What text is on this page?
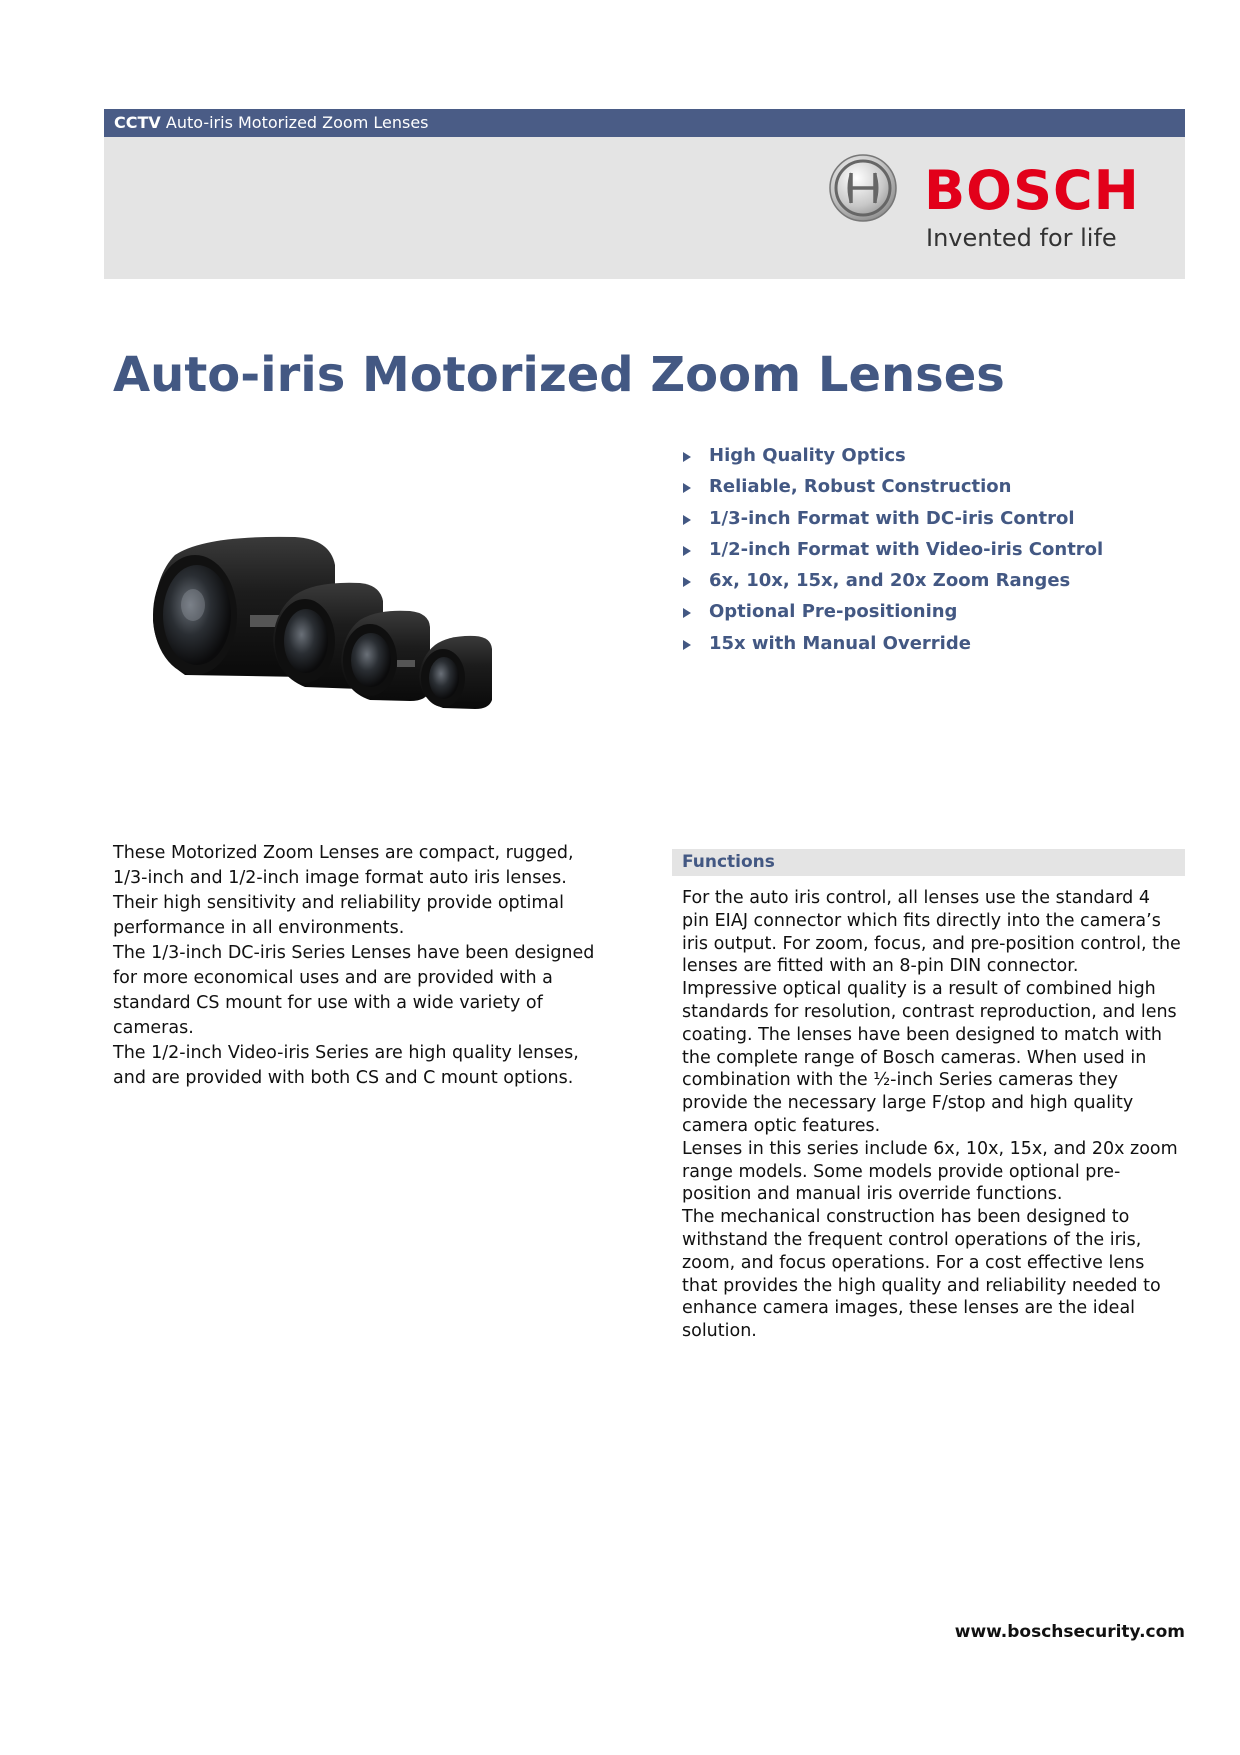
CCTV Auto-iris Motorized Zoom Lenses
BOSCH
Invented for life
Auto-iris Motorized Zoom Lenses
High Quality Optics
Reliable, Robust Construction
1/3-inch Format with DC-iris Control
1/2-inch Format with Video-iris Control
6x, 10x, 15x, and 20x Zoom Ranges
Optional Pre-positioning
15x with Manual Override

These Motorized Zoom Lenses are compact, rugged, 1/3-inch and 1/2-inch image format auto iris lenses. Their high sensitivity and reliability provide optimal performance in all environments.

The 1/3-inch DC-iris Series Lenses have been designed for more economical uses and are provided with a standard CS mount for use with a wide variety of cameras.

The 1/2-inch Video-iris Series are high quality lenses, and are provided with both CS and C mount options.

Functions

For the auto iris control, all lenses use the standard 4 pin EIAJ connector which fits directly into the camera’s iris output. For zoom, focus, and pre-position control, the lenses are fitted with an 8-pin DIN connector.

Impressive optical quality is a result of combined high standards for resolution, contrast reproduction, and lens coating. The lenses have been designed to match with the complete range of Bosch cameras. When used in combination with the ½-inch Series cameras they provide the necessary large F/stop and high quality camera optic features.

Lenses in this series include 6x, 10x, 15x, and 20x zoom range models. Some models provide optional pre-position and manual iris override functions.

The mechanical construction has been designed to withstand the frequent control operations of the iris, zoom, and focus operations. For a cost effective lens that provides the high quality and reliability needed to enhance camera images, these lenses are the ideal solution.

www.boschsecurity.com
